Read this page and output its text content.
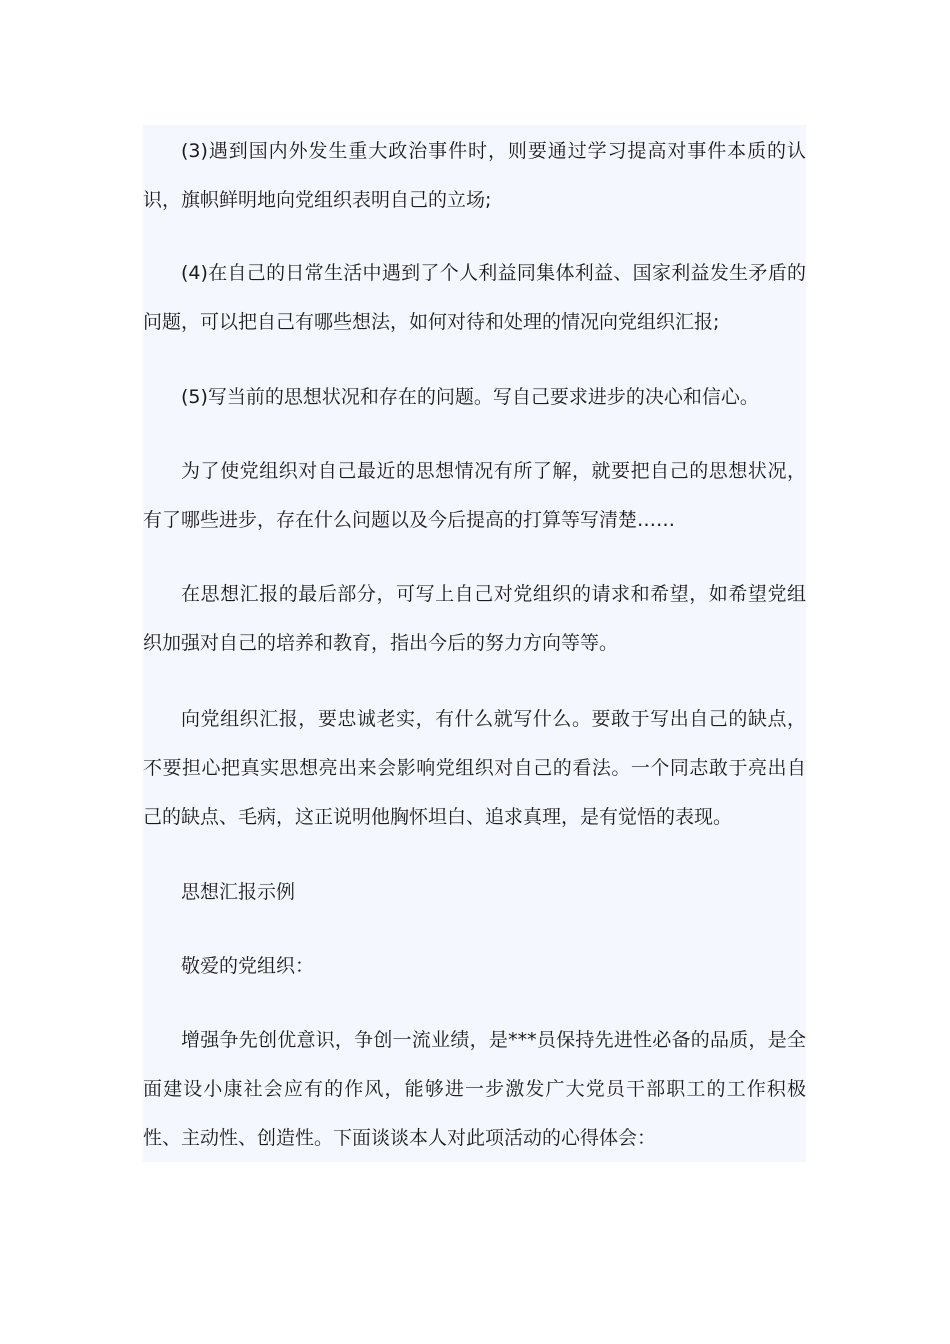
(3)遇到国内外发生重大政治事件时，则要通过学习提高对事件本质的认识，旗帜鲜明地向党组织表明自己的立场;

(4)在自己的日常生活中遇到了个人利益同集体利益、国家利益发生矛盾的问题，可以把自己有哪些想法，如何对待和处理的情况向党组织汇报;

(5)写当前的思想状况和存在的问题。写自己要求进步的决心和信心。

为了使党组织对自己最近的思想情况有所了解，就要把自己的思想状况，有了哪些进步，存在什么问题以及今后提高的打算等写清楚……

在思想汇报的最后部分，可写上自己对党组织的请求和希望，如希望党组织加强对自己的培养和教育，指出今后的努力方向等等。

向党组织汇报，要忠诚老实，有什么就写什么。要敢于写出自己的缺点，不要担心把真实思想亮出来会影响党组织对自己的看法。一个同志敢于亮出自己的缺点、毛病，这正说明他胸怀坦白、追求真理，是有觉悟的表现。

思想汇报示例

敬爱的党组织：

增强争先创优意识，争创一流业绩，是***员保持先进性必备的品质，是全面建设小康社会应有的作风，能够进一步激发广大党员干部职工的工作积极性、主动性、创造性。下面谈谈本人对此项活动的心得体会：
